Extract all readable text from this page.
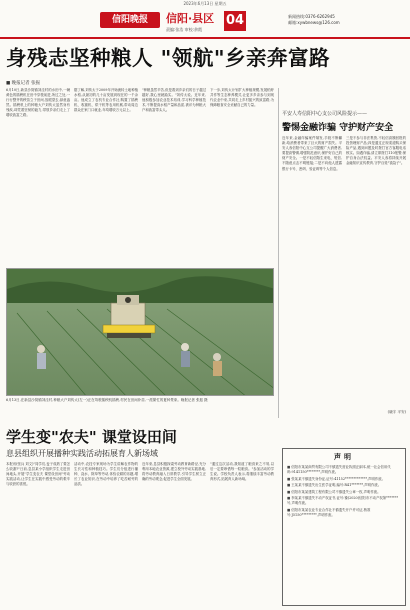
2023年6月13日 星期五
信阳晚报	信阳·县区 04
责编:张浩 审校:余霞
新闻热线:0376-6262945
邮箱:xywbnews@126.com
身残志坚种粮人 "领航"乡亲奔富路
■ 晚报记者 张振
6月10日,新县沙窝镇刘洼村的水田中,一辆黄色的插秧机在田中穿梭前进,所过之处,一行行整齐的秧苗立于田间,放眼望去,绿意盎然。插秧机上的种粮大户刘传太虽然身有残疾,却凭着坚韧的毅力,带领乡亲们走上了增收致富之路。
据了解,刘传太于2009年开始流转土地种植水稻,从最初的几十亩发展到现在的一千余亩。他成立了农机专业合作社,购置了插秧机、收割机、烘干机等农用机械,带动周边群众在家门口就业,年均增收万元以上。
"种粮虽然辛苦,但是看到乡亲们的日子越过越好,我心里就踏实。"刘传太说。近年来,他积极参加农业技术培训,学习科学种植技术,不断提高水稻产量和品质,被评为种粮大户和致富带头人。
下一步,刘传太计划扩大种植规模,发展稻虾共作等生态种养模式,让更多乡亲参与到现代农业中来,共同走上乡村振兴的致富路,为保障粮食安全贡献自己的力量。
6月13日,在新县沙窝镇刘洼村,种粮大户刘传太(左一)正在驾驶插秧机插秧,村民在田间补苗,一派繁忙的夏种景象。晚报记者 张振 摄
学生变"农夫" 课堂设田间
息县组织开展播种实践活动拓展育人新场域
本报讯(张兵 刘文)"同学们,麦子成熟了要怎么收割?"日前,息县某小学组织学生走进田间地头,开展"学生变农夫 课堂设田间"劳动实践活动,让学生在实践中感受劳动的艰辛与收获的喜悦。
活动中,农技专家现场为学生讲解农作物的生长习性和种植技巧。学生们分组进行播种、浇水、除草等劳动,体验农耕的乐趣,增长了农业知识,在劳动中培养了吃苦耐劳的品质。
近年来,息县积极探索劳动教育新路径,充分利用本地农业资源,建立校外劳动实践基地,将劳动教育融入日常教学,引导学生树立正确的劳动观念,促进学生全面发展。
"通过这次活动,我知道了粮食来之不易,以后一定要珍惜每一粒粮食。"参加活动的学生说。学校负责人表示,将继续丰富劳动教育形式,拓展育人新场域。
平安人寿信阳中心支公司风险提示——
警惕金融诈骗 守护财产安全
近年来,金融诈骗案件频发,手段不断翻新,给消费者带来了巨大的财产损失。平安人寿信阳中心支公司提醒广大消费者,要提高警惕,增强防范意识,保护好自己的财产安全。一是不轻信陌生来电、短信,不随意点击不明链接;二是不向他人透露银行卡号、密码、验证码等个人信息。
三是不参与非法集资,不轻信高额回报的投资理财产品;四是通过正规渠道购买保险产品,遇到问题及时拨打官方客服电话核实。如遇诈骗,请立即拨打110报警,保护自身合法权益。平安人寿将持续开展金融知识宣传教育,守护百姓"钱袋子"。
(晓宇 平安)
声明
■ 信阳市某某商贸有限公司不慎遗失营业执照正副本,统一社会信用代码:9141150********,声明作废。
■ 张某某不慎遗失身份证,证号:41152*************,声明作废。
■ 王某某不慎遗失出生医学证明,编号:R41*******,声明作废。
■ 信阳市某某建筑工程有限公司不慎遗失公章一枚,声明作废。
■ 李某某不慎遗失不动产权证书,证号:豫(2020)信阳市不动产权第*******号,声明作废。
■ 信阳市某某农业专业合作社不慎遗失开户许可证,核准号:J5150*********,声明作废。
